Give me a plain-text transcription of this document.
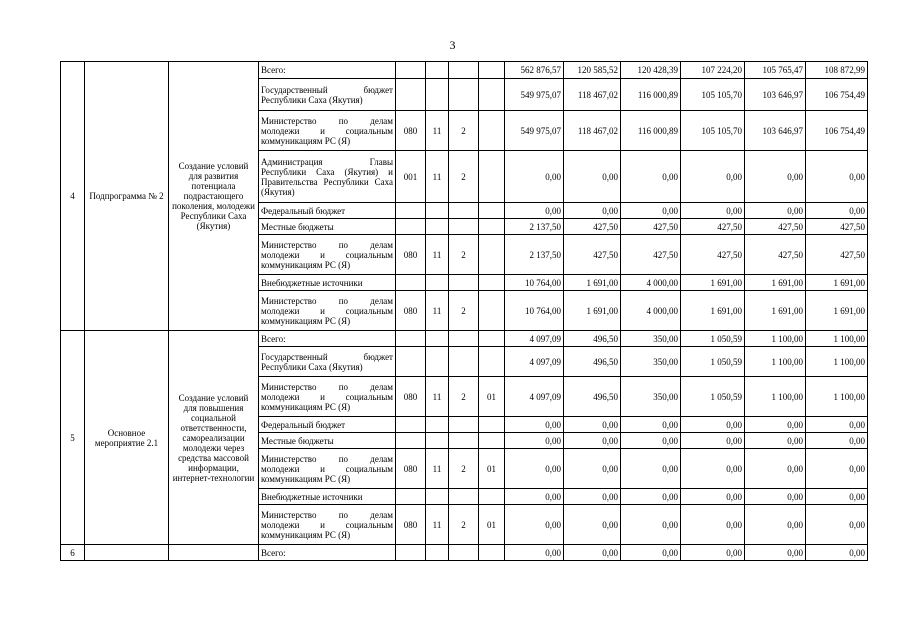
3
4	Подпрограмма № 2	Создание условий для развития потенциала подрастающего поколения, молодежи Республики Саха (Якутия)	Всего:					562 876,57	120 585,52	120 428,39	107 224,20	105 765,47	108 872,99
			Государственный бюджет Республики Саха (Якутия)					549 975,07	118 467,02	116 000,89	105 105,70	103 646,97	106 754,49
			Министерство по делам молодежи и социальным коммуникациям РС (Я)	080	11	2		549 975,07	118 467,02	116 000,89	105 105,70	103 646,97	106 754,49
			Администрация Главы Республики Саха (Якутия) и Правительства Республики Саха (Якутия)	001	11	2		0,00	0,00	0,00	0,00	0,00	0,00
			Федеральный бюджет					0,00	0,00	0,00	0,00	0,00	0,00
			Местные бюджеты					2 137,50	427,50	427,50	427,50	427,50	427,50
			Министерство по делам молодежи и социальным коммуникациям РС (Я)	080	11	2		2 137,50	427,50	427,50	427,50	427,50	427,50
			Внебюджетные источники					10 764,00	1 691,00	4 000,00	1 691,00	1 691,00	1 691,00
			Министерство по делам молодежи и социальным коммуникациям РС (Я)	080	11	2		10 764,00	1 691,00	4 000,00	1 691,00	1 691,00	1 691,00
5	Основное мероприятие 2.1	Создание условий для повышения социальной ответственности, самореализации молодежи через средства массовой информации, интернет-технологии	Всего:					4 097,09	496,50	350,00	1 050,59	1 100,00	1 100,00
			Государственный бюджет Республики Саха (Якутия)					4 097,09	496,50	350,00	1 050,59	1 100,00	1 100,00
			Министерство по делам молодежи и социальным коммуникациям РС (Я)	080	11	2	01	4 097,09	496,50	350,00	1 050,59	1 100,00	1 100,00
			Федеральный бюджет					0,00	0,00	0,00	0,00	0,00	0,00
			Местные бюджеты					0,00	0,00	0,00	0,00	0,00	0,00
			Министерство по делам молодежи и социальным коммуникациям РС (Я)	080	11	2	01	0,00	0,00	0,00	0,00	0,00	0,00
			Внебюджетные источники					0,00	0,00	0,00	0,00	0,00	0,00
			Министерство по делам молодежи и социальным коммуникациям РС (Я)	080	11	2	01	0,00	0,00	0,00	0,00	0,00	0,00
6			Всего:					0,00	0,00	0,00	0,00	0,00	0,00
